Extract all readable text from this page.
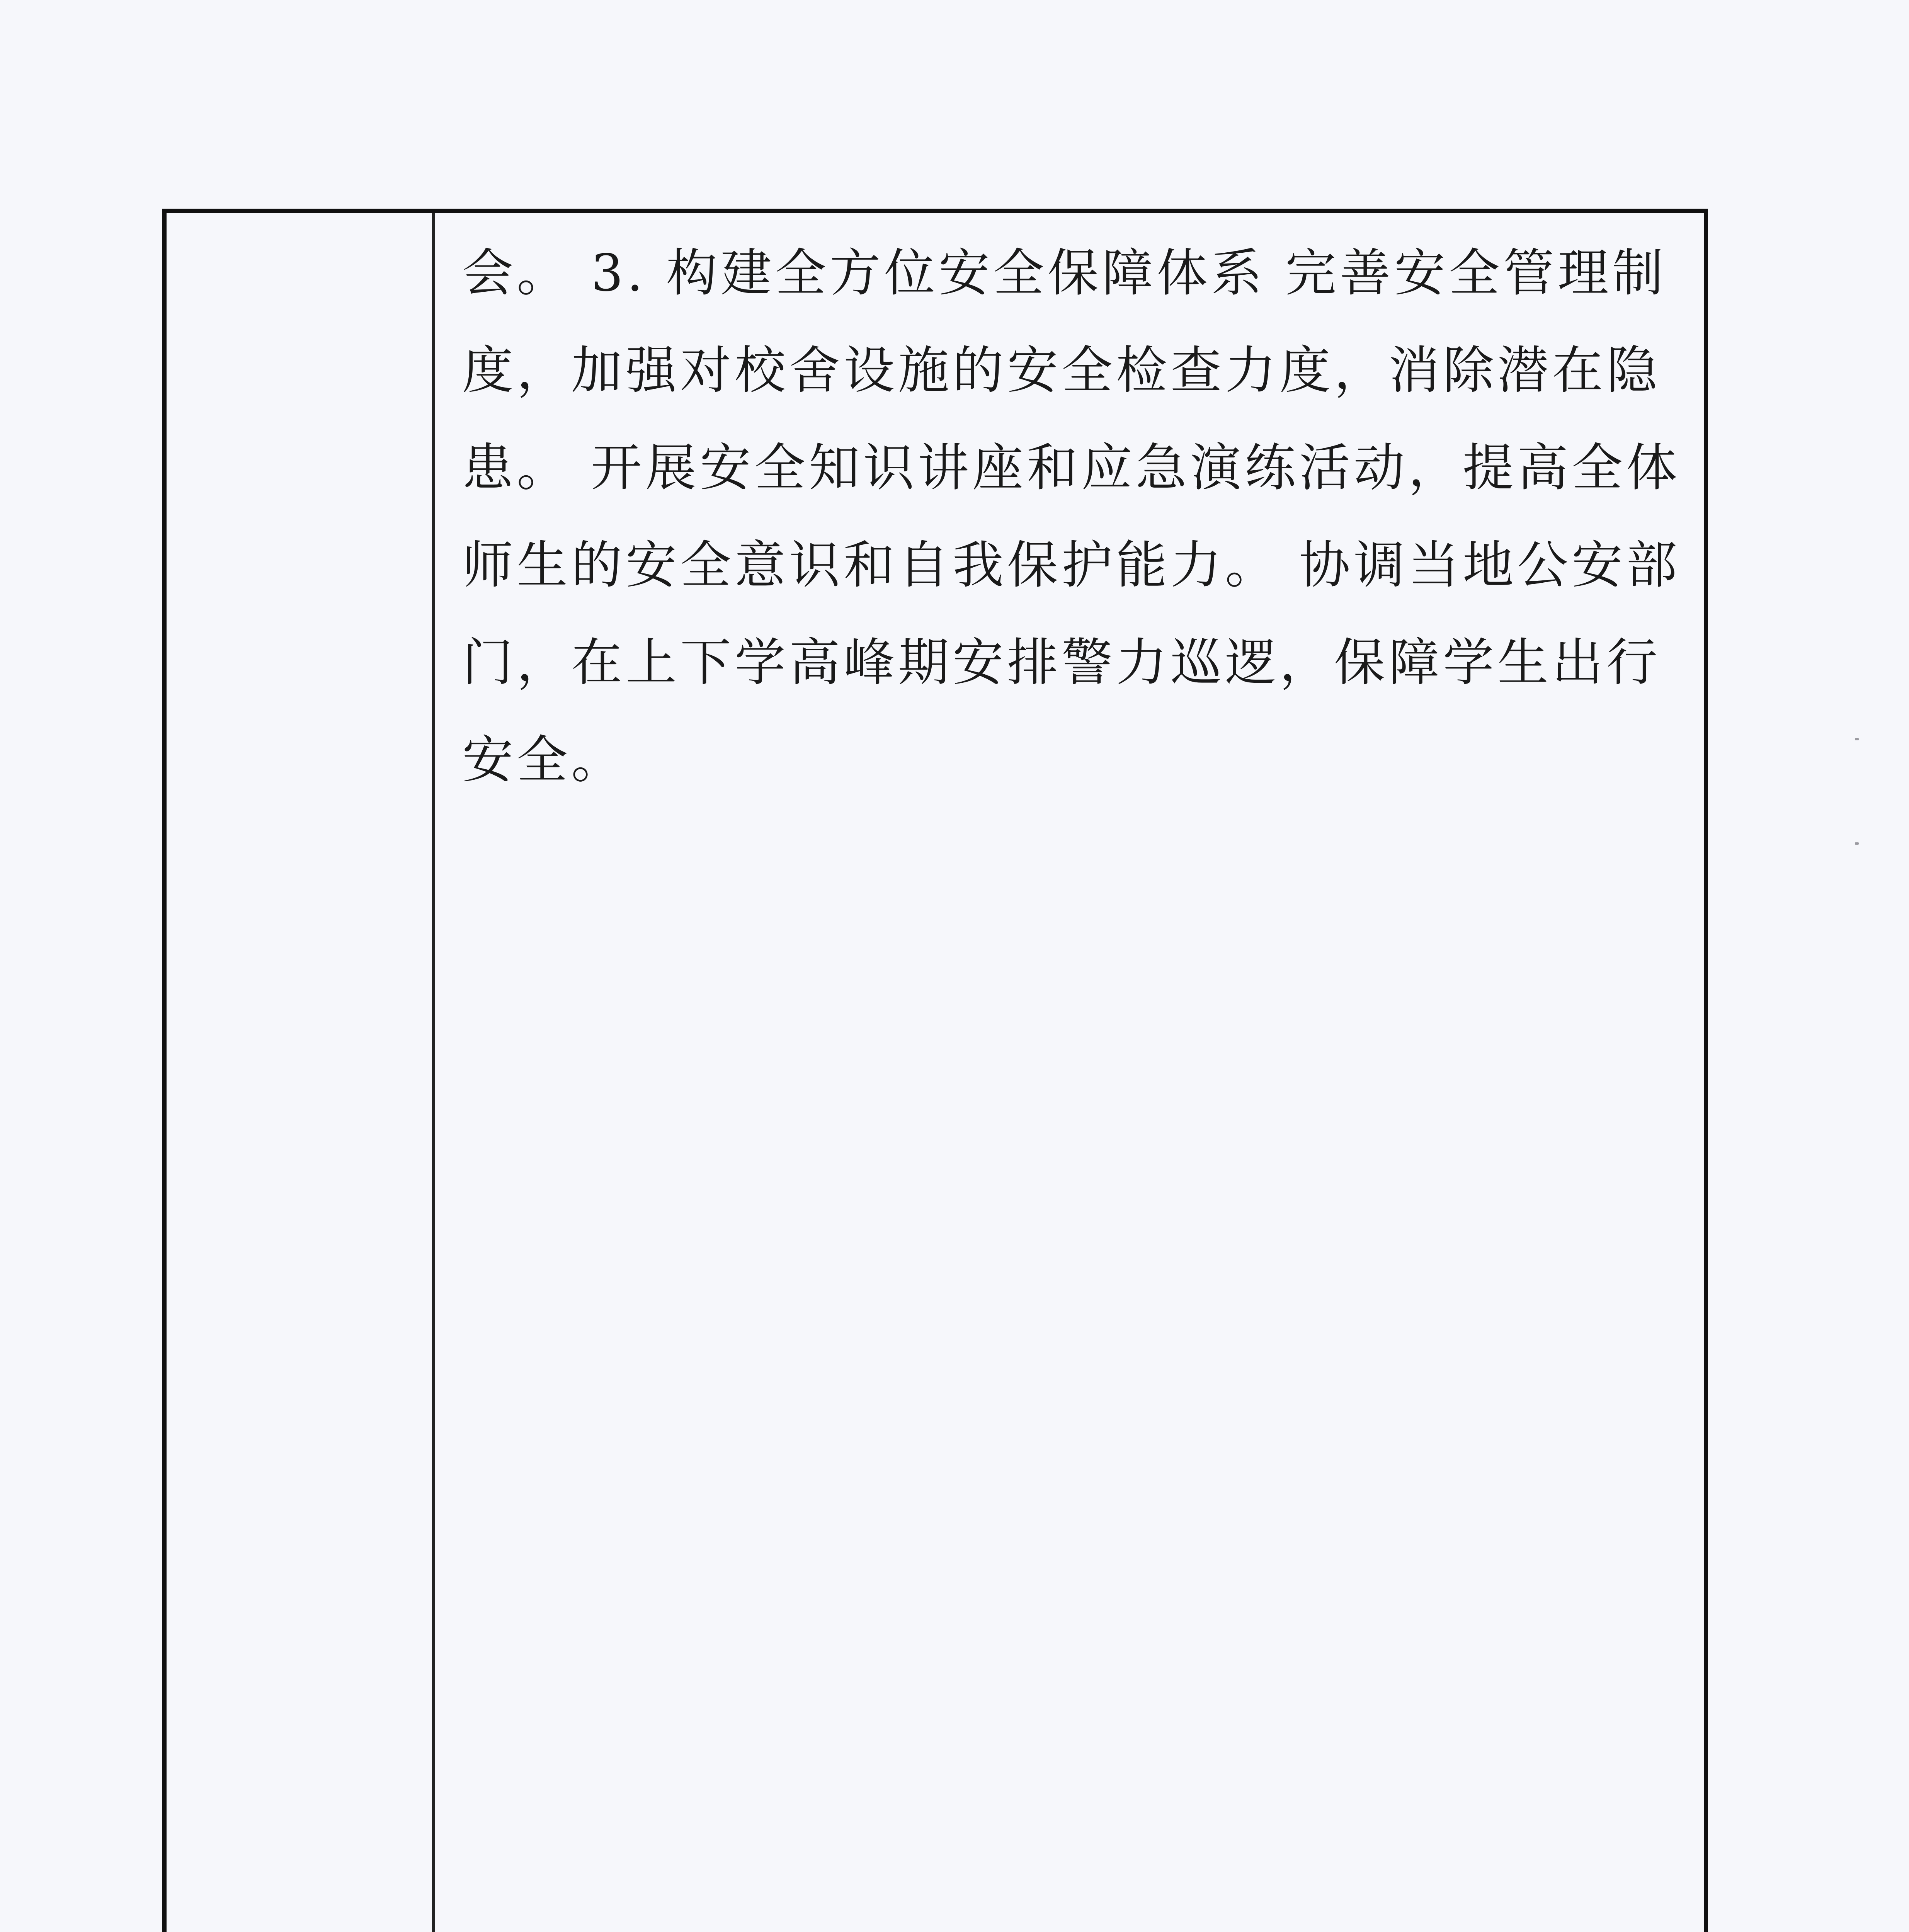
会。 3. 构建全方位安全保障体系 完善安全管理制
度，加强对校舍设施的安全检查力度，消除潜在隐
患。 开展安全知识讲座和应急演练活动，提高全体
师生的安全意识和自我保护能力。 协调当地公安部
门，在上下学高峰期安排警力巡逻，保障学生出行
安全。
